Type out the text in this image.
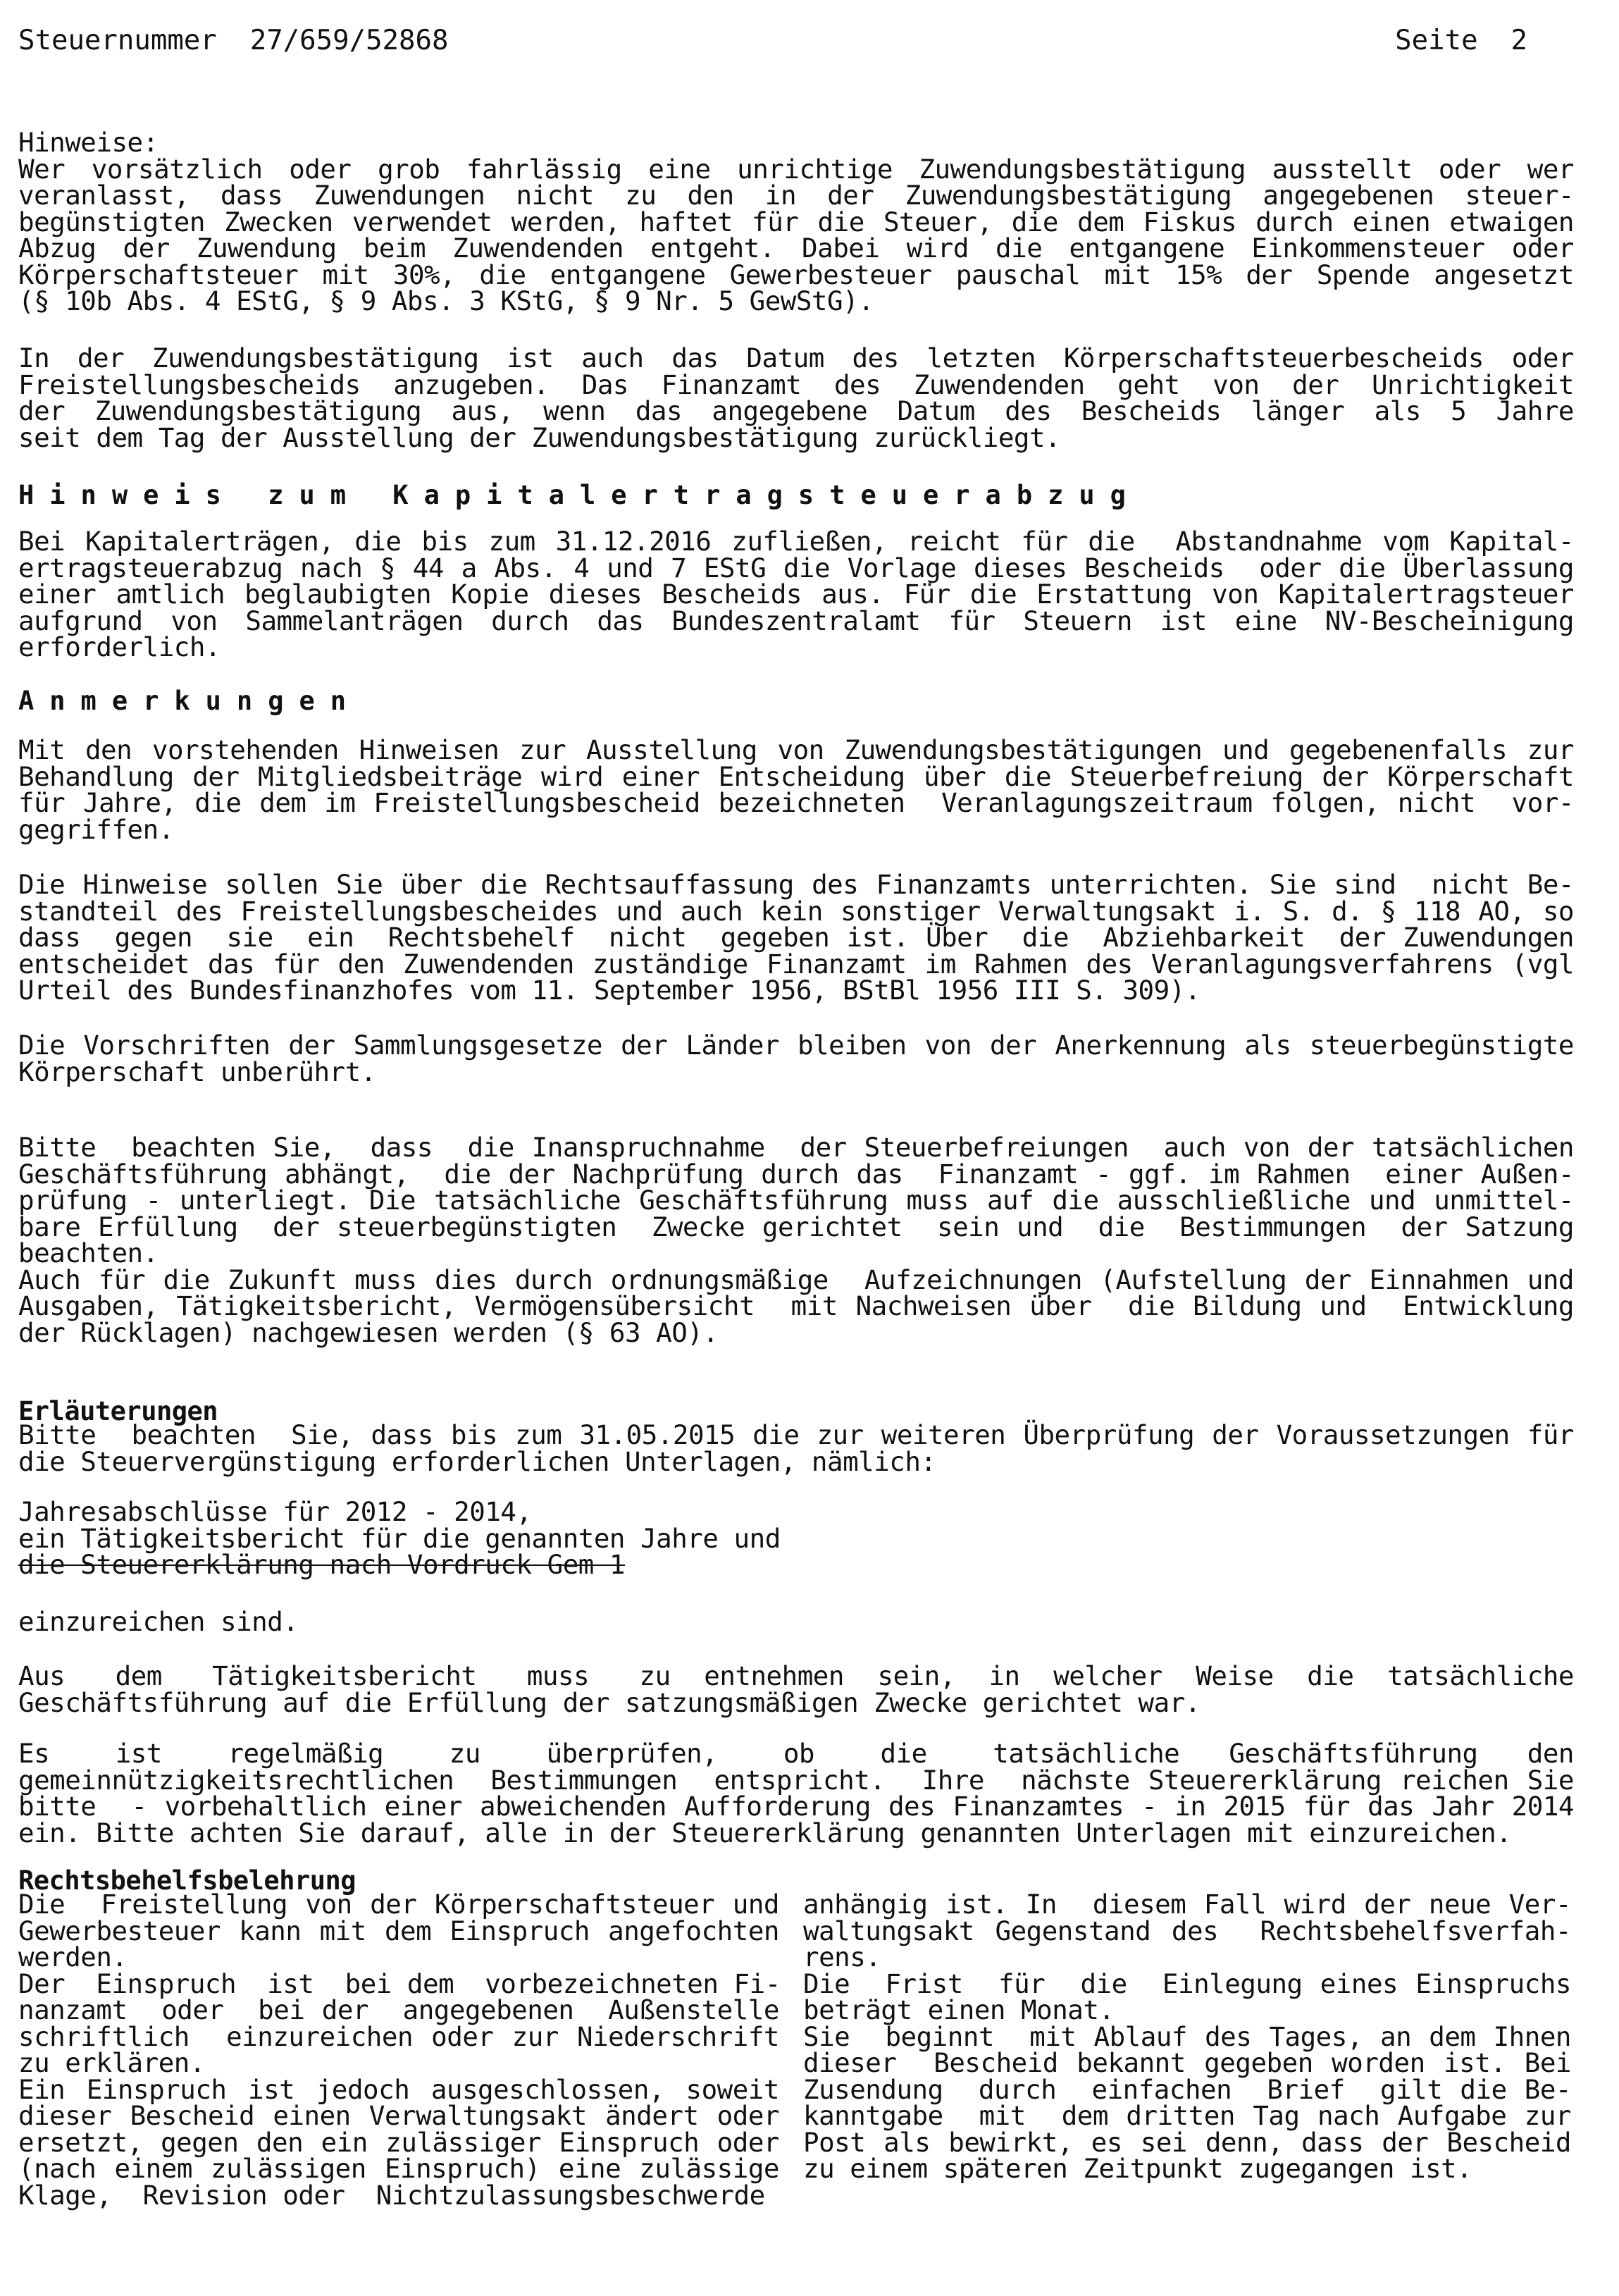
Steuernummer  27/659/52868	Seite  2
Hinweise:
Wer vorsätzlich oder grob fahrlässig eine unrichtige Zuwendungsbestätigung ausstellt oder wer
veranlasst, dass Zuwendungen nicht zu den in der Zuwendungsbestätigung angegebenen steuer-
begünstigten Zwecken verwendet werden, haftet für die Steuer, die dem Fiskus durch einen etwaigen
Abzug der Zuwendung beim Zuwendenden entgeht. Dabei wird die entgangene Einkommensteuer oder
Körperschaftsteuer mit 30%, die entgangene Gewerbesteuer pauschal mit 15% der Spende angesetzt
(§ 10b Abs. 4 EStG, § 9 Abs. 3 KStG, § 9 Nr. 5 GewStG).
In der Zuwendungsbestätigung ist auch das Datum des letzten Körperschaftsteuerbescheids oder
Freistellungsbescheids anzugeben. Das Finanzamt des Zuwendenden geht von der Unrichtigkeit
der Zuwendungsbestätigung aus, wenn das angegebene Datum des Bescheids länger als 5 Jahre
seit dem Tag der Ausstellung der Zuwendungsbestätigung zurückliegt.
Hinweis zum Kapitalertragsteuerabzug
Bei Kapitalerträgen, die bis zum 31.12.2016 zufließen, reicht für die  Abstandnahme vom Kapital-
ertragsteuerabzug nach § 44 a Abs. 4 und 7 EStG die Vorlage dieses Bescheids  oder die Überlassung
einer amtlich beglaubigten Kopie dieses Bescheids aus. Für die Erstattung von Kapitalertragsteuer
aufgrund von Sammelanträgen durch das Bundeszentralamt für Steuern ist eine NV-Bescheinigung
erforderlich.
Anmerkungen
Mit den vorstehenden Hinweisen zur Ausstellung von Zuwendungsbestätigungen und gegebenenfalls zur
Behandlung der Mitgliedsbeiträge wird einer Entscheidung über die Steuerbefreiung der Körperschaft
für Jahre, die dem im Freistellungsbescheid bezeichneten  Veranlagungszeitraum folgen, nicht  vor-
gegriffen.
Die Hinweise sollen Sie über die Rechtsauffassung des Finanzamts unterrichten. Sie sind  nicht Be-
standteil des Freistellungsbescheides und auch kein sonstiger Verwaltungsakt i. S. d. § 118 AO, so
dass  gegen  sie  ein  Rechtsbehelf  nicht  gegeben ist. Über  die  Abziehbarkeit  der Zuwendungen
entscheidet das für den Zuwendenden zuständige Finanzamt im Rahmen des Veranlagungsverfahrens (vgl
Urteil des Bundesfinanzhofes vom 11. September 1956, BStBl 1956 III S. 309).
Die Vorschriften der Sammlungsgesetze der Länder bleiben von der Anerkennung als steuerbegünstigte
Körperschaft unberührt.
Bitte  beachten Sie,  dass  die Inanspruchnahme  der Steuerbefreiungen  auch von der tatsächlichen
Geschäftsführung abhängt,  die der Nachprüfung durch das  Finanzamt - ggf. im Rahmen  einer Außen-
prüfung - unterliegt. Die tatsächliche Geschäftsführung muss auf die ausschließliche und unmittel-
bare Erfüllung  der steuerbegünstigten  Zwecke gerichtet  sein und  die  Bestimmungen  der Satzung
beachten.
Auch für die Zukunft muss dies durch ordnungsmäßige  Aufzeichnungen (Aufstellung der Einnahmen und
Ausgaben, Tätigkeitsbericht, Vermögensübersicht  mit Nachweisen über  die Bildung und  Entwicklung
der Rücklagen) nachgewiesen werden (§ 63 AO).
Erläuterungen
Bitte  beachten  Sie, dass bis zum 31.05.2015 die zur weiteren Überprüfung der Voraussetzungen für
die Steuervergünstigung erforderlichen Unterlagen, nämlich:
Jahresabschlüsse für 2012 - 2014,
ein Tätigkeitsbericht für die genannten Jahre und
die Steuererklärung nach Vordruck Gem 1
einzureichen sind.
Aus   dem   Tätigkeitsbericht   muss   zu  entnehmen  sein,  in  welcher  Weise  die  tatsächliche
Geschäftsführung auf die Erfüllung der satzungsmäßigen Zwecke gerichtet war.
Es    ist    regelmäßig    zu    überprüfen,    ob    die    tatsächliche   Geschäftsführung   den
gemeinnützigkeitsrechtlichen  Bestimmungen  entspricht.  Ihre  nächste Steuererklärung reichen Sie
bitte  - vorbehaltlich einer abweichenden Aufforderung des Finanzamtes - in 2015 für das Jahr 2014
ein. Bitte achten Sie darauf, alle in der Steuererklärung genannten Unterlagen mit einzureichen.
Rechtsbehelfsbelehrung
Die  Freistellung von der Körperschaftsteuer und
Gewerbesteuer kann mit dem Einspruch angefochten
werden.
Der  Einspruch  ist  bei dem  vorbezeichneten Fi-
nanzamt  oder  bei der  angegebenen  Außenstelle
schriftlich  einzureichen oder zur Niederschrift
zu erklären.
Ein Einspruch ist jedoch ausgeschlossen, soweit
dieser Bescheid einen Verwaltungsakt ändert oder
ersetzt, gegen den ein zulässiger Einspruch oder
(nach einem zulässigen Einspruch) eine zulässige
Klage,  Revision oder  Nichtzulassungsbeschwerde
anhängig ist. In  diesem Fall wird der neue Ver-
waltungsakt Gegenstand des  Rechtsbehelfsverfah-
rens.
Die  Frist  für  die  Einlegung eines Einspruchs
beträgt einen Monat.
Sie  beginnt  mit Ablauf des Tages, an dem Ihnen
dieser  Bescheid bekannt gegeben worden ist. Bei
Zusendung  durch  einfachen  Brief  gilt die Be-
kanntgabe  mit  dem dritten Tag nach Aufgabe zur
Post als bewirkt, es sei denn, dass der Bescheid
zu einem späteren Zeitpunkt zugegangen ist.
